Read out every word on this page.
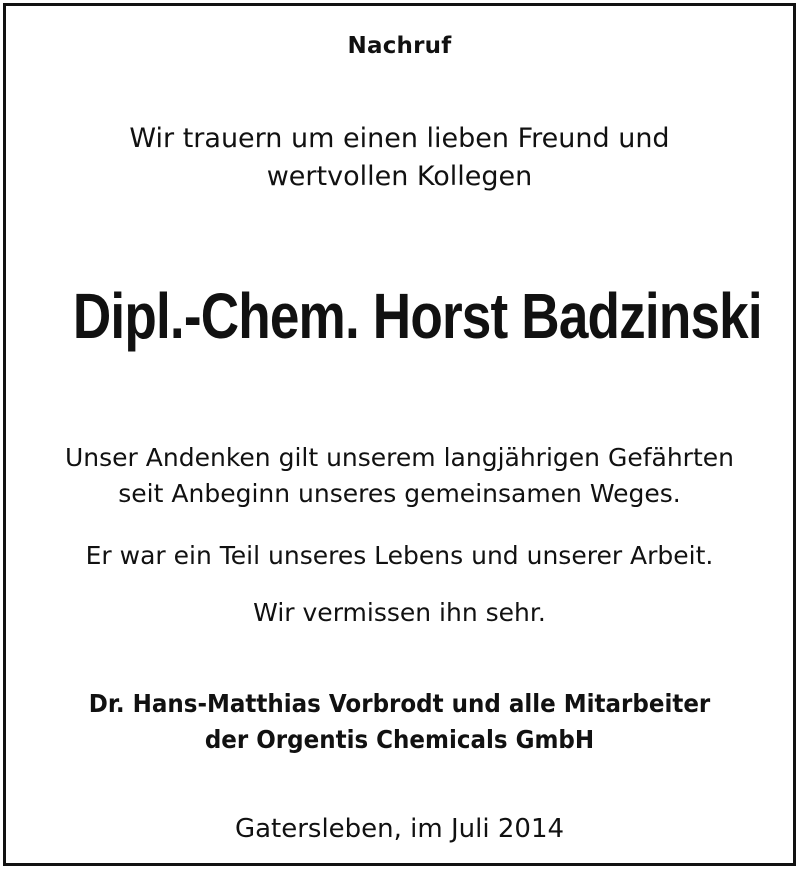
Nachruf
Wir trauern um einen lieben Freund und
wertvollen Kollegen
Dipl.-Chem. Horst Badzinski
Unser Andenken gilt unserem langjährigen Gefährten
seit Anbeginn unseres gemeinsamen Weges.
Er war ein Teil unseres Lebens und unserer Arbeit.
Wir vermissen ihn sehr.
Dr. Hans-Matthias Vorbrodt und alle Mitarbeiter
der Orgentis Chemicals GmbH
Gatersleben, im Juli 2014
